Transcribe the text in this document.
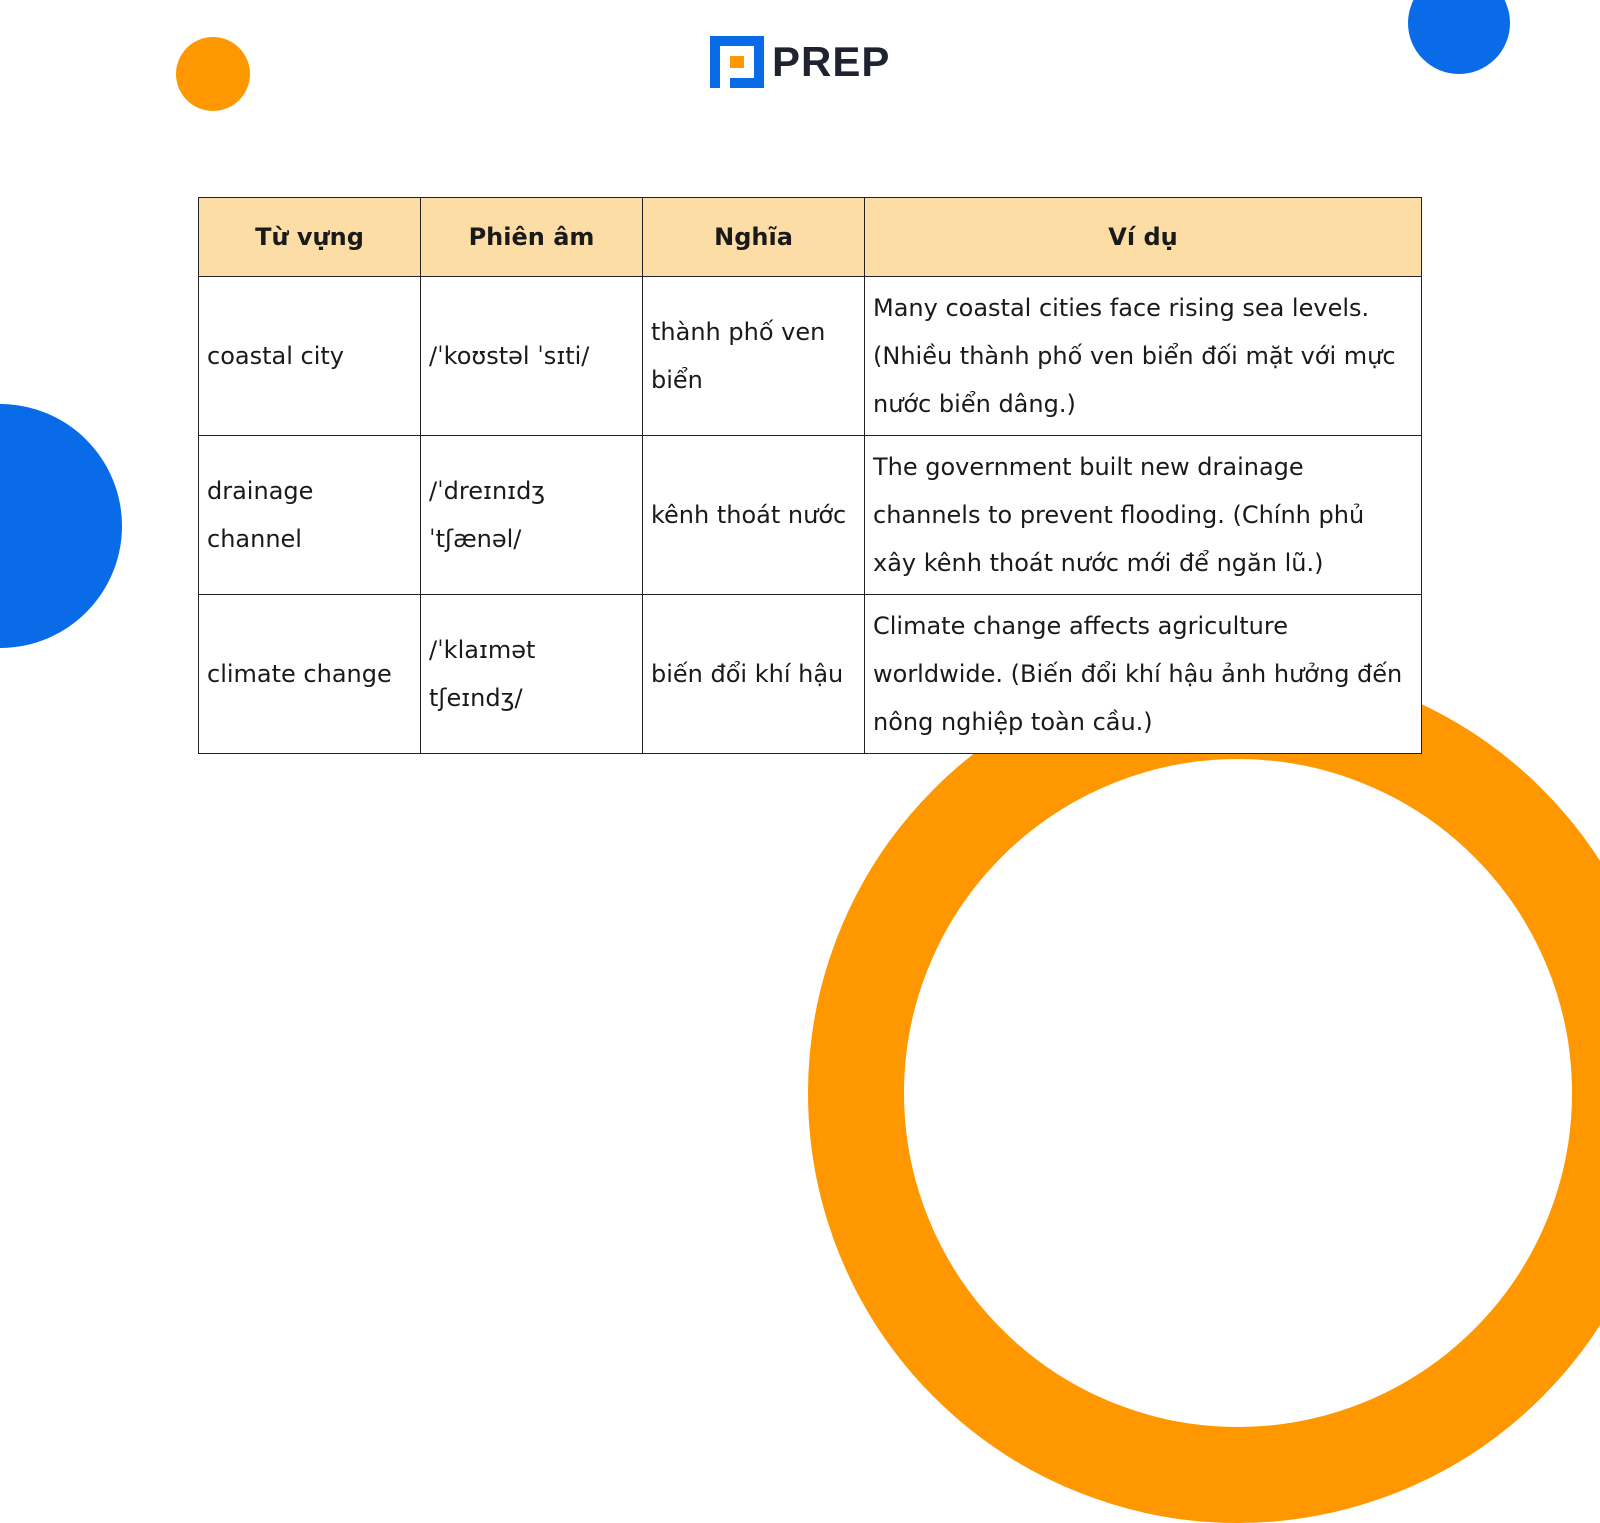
PREP
Từ vựng	Phiên âm	Nghĩa	Ví dụ
coastal city	/ˈkoʊstəl ˈsɪti/	thành phố ven biển	Many coastal cities face rising sea levels. (Nhiều thành phố ven biển đối mặt với mực nước biển dâng.)
drainage channel	/ˈdreɪnɪdʒ ˈtʃænəl/	kênh thoát nước	The government built new drainage channels to prevent flooding. (Chính phủ xây kênh thoát nước mới để ngăn lũ.)
climate change	/ˈklaɪmət tʃeɪndʒ/	biến đổi khí hậu	Climate change affects agriculture worldwide. (Biến đổi khí hậu ảnh hưởng đến nông nghiệp toàn cầu.)
